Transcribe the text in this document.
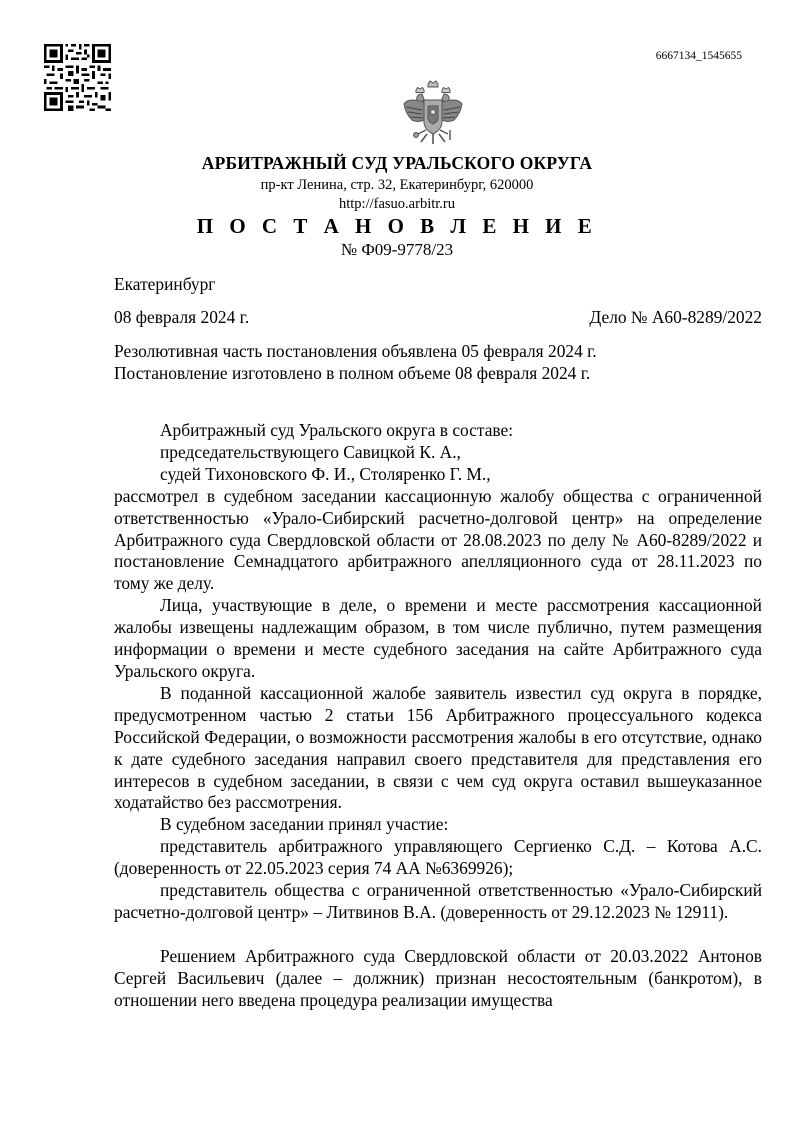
6667134_1545655
АРБИТРАЖНЫЙ СУД УРАЛЬСКОГО ОКРУГА
пр-кт Ленина, стр. 32, Екатеринбург, 620000
http://fasuo.arbitr.ru
П О С Т А Н О В Л Е Н И Е
№ Ф09-9778/23
Екатеринбург
08 февраля 2024 г.	Дело № А60-8289/2022
Резолютивная часть постановления объявлена 05 февраля 2024 г.
Постановление изготовлено в полном объеме 08 февраля 2024 г.

Арбитражный суд Уральского округа в составе:

председательствующего Савицкой К. А.,

судей Тихоновского Ф. И., Столяренко Г. М.,

рассмотрел в судебном заседании кассационную жалобу общества с ограниченной ответственностью «Урало-Сибирский расчетно-долговой центр» на определение Арбитражного суда Свердловской области от 28.08.2023 по делу № А60-8289/2022 и постановление Семнадцатого арбитражного апелляционного суда от 28.11.2023 по тому же делу.

Лица, участвующие в деле, о времени и месте рассмотрения кассационной жалобы извещены надлежащим образом, в том числе публично, путем размещения информации о времени и месте судебного заседания на сайте Арбитражного суда Уральского округа.

В поданной кассационной жалобе заявитель известил суд округа в порядке, предусмотренном частью 2 статьи 156 Арбитражного процессуального кодекса Российской Федерации, о возможности рассмотрения жалобы в его отсутствие, однако к дате судебного заседания направил своего представителя для представления его интересов в судебном заседании, в связи с чем суд округа оставил вышеуказанное ходатайство без рассмотрения.

В судебном заседании принял участие:

представитель арбитражного управляющего Сергиенко С.Д. – Котова А.С. (доверенность от 22.05.2023 серия 74 АА №6369926);

представитель общества с ограниченной ответственностью «Урало-Сибирский расчетно-долговой центр» – Литвинов В.А. (доверенность от 29.12.2023 № 12911).

Решением Арбитражного суда Свердловской области от 20.03.2022 Антонов Сергей Васильевич (далее – должник) признан несостоятельным (банкротом), в отношении него введена процедура реализации имущества
